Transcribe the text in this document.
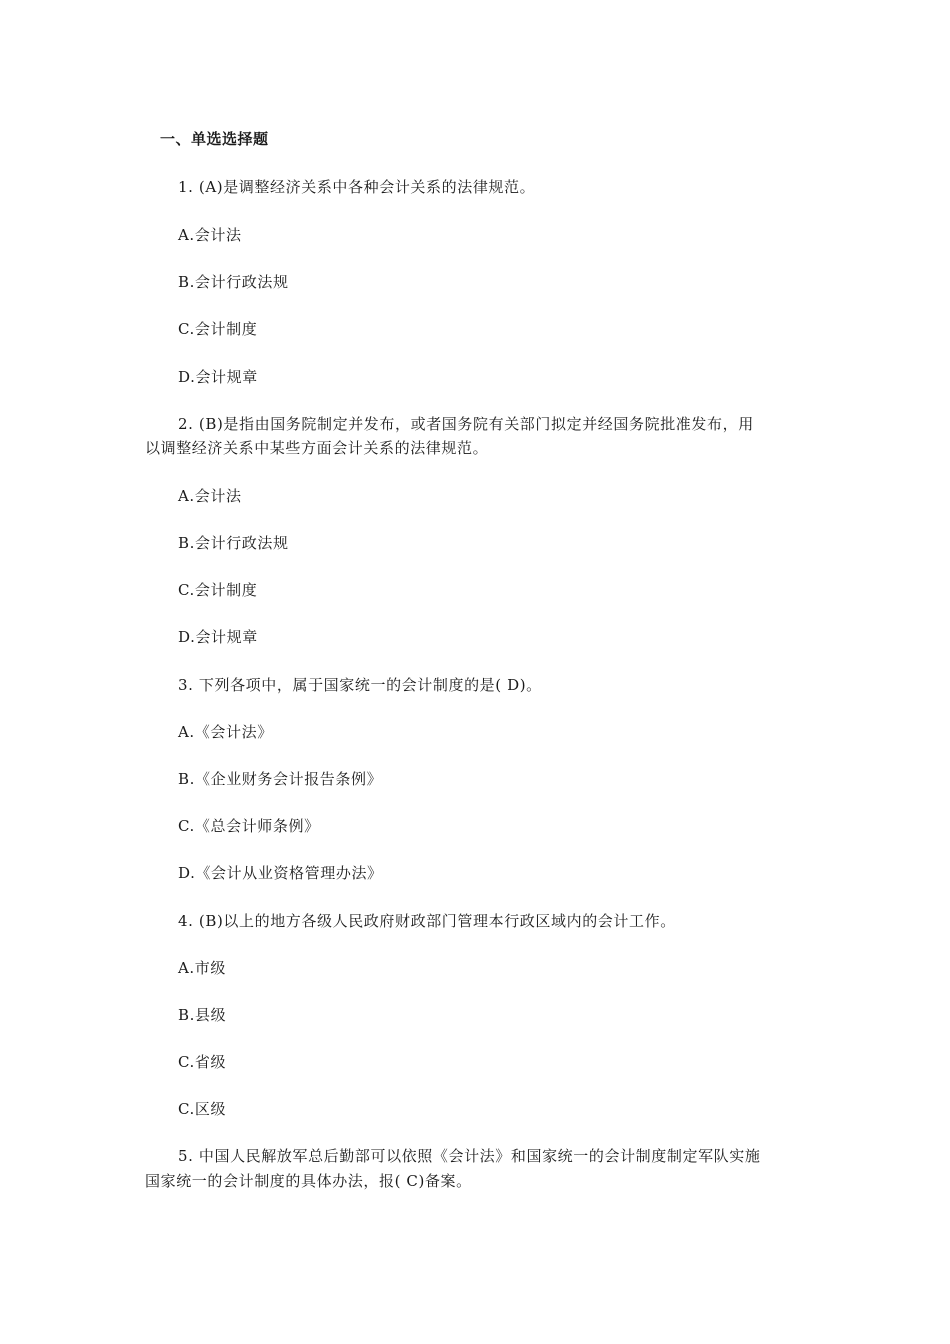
一、单选选择题
1. (A)是调整经济关系中各种会计关系的法律规范。
A.会计法
B.会计行政法规
C.会计制度
D.会计规章
2. (B)是指由国务院制定并发布，或者国务院有关部门拟定并经国务院批准发布，用
以调整经济关系中某些方面会计关系的法律规范。
A.会计法
B.会计行政法规
C.会计制度
D.会计规章
3. 下列各项中，属于国家统一的会计制度的是( D)。
A.《会计法》
B.《企业财务会计报告条例》
C.《总会计师条例》
D.《会计从业资格管理办法》
4. (B)以上的地方各级人民政府财政部门管理本行政区域内的会计工作。
A.市级
B.县级
C.省级
C.区级
5. 中国人民解放军总后勤部可以依照《会计法》和国家统一的会计制度制定军队实施
国家统一的会计制度的具体办法，报( C)备案。
